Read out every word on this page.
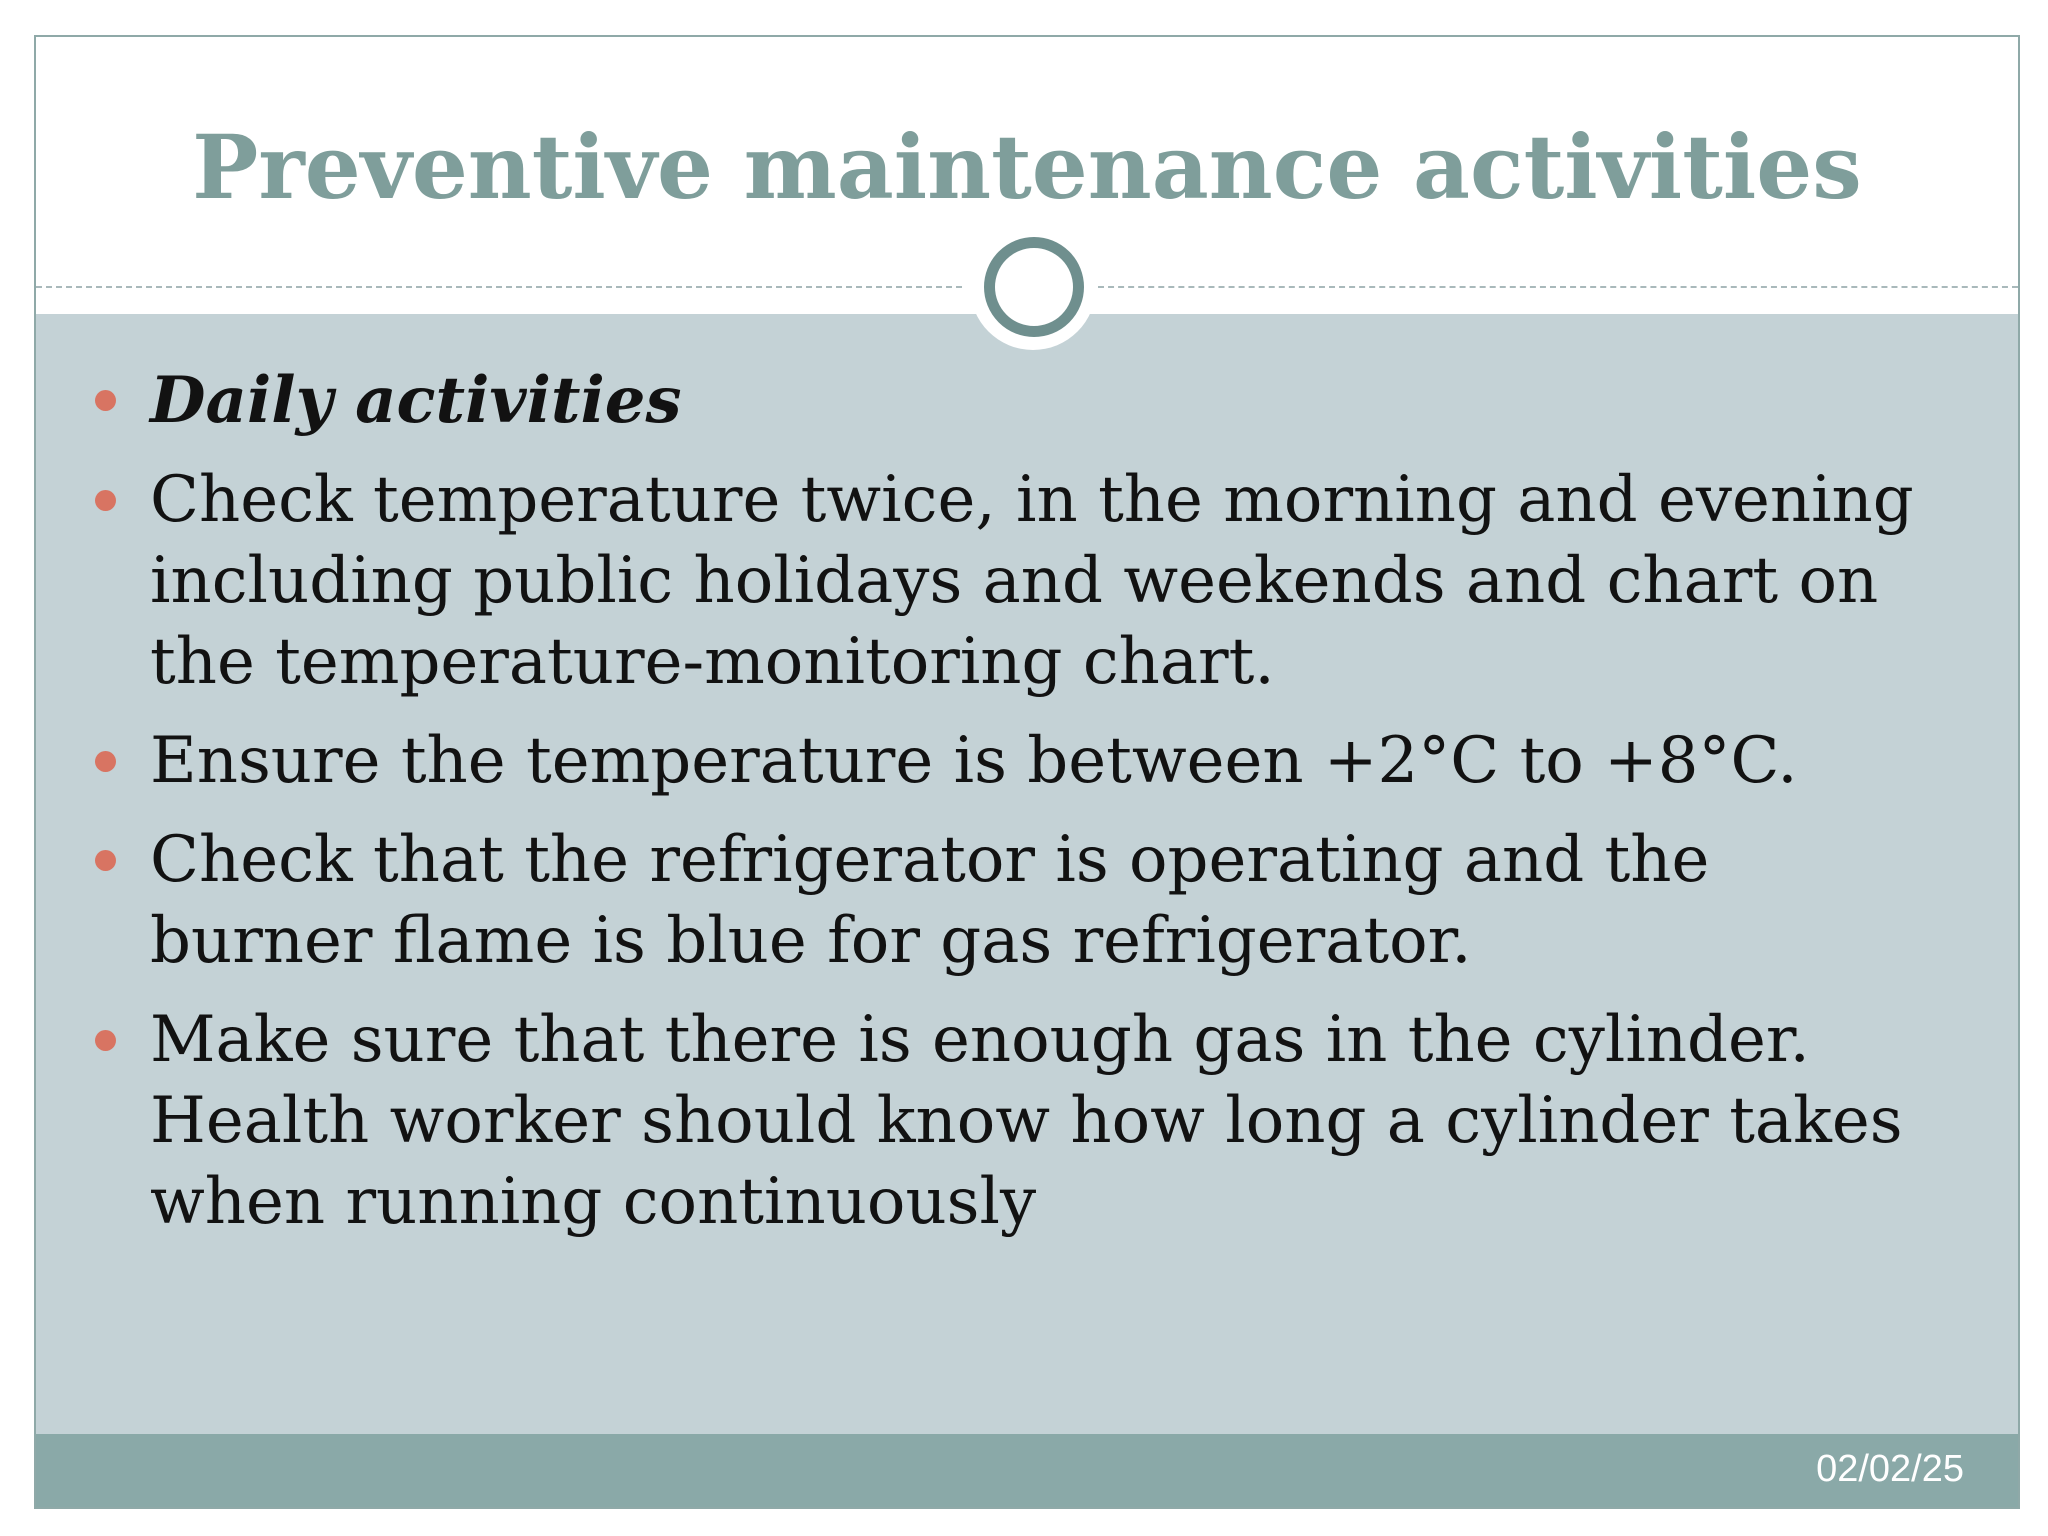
Preventive maintenance activities
Daily activities
Check temperature twice, in the morning and evening including public holidays and weekends and chart on the temperature-monitoring chart.
Ensure the temperature is between +2°C to +8°C.
Check that the refrigerator is operating and the burner flame is blue for gas refrigerator.
Make sure that there is enough gas in the cylinder. Health worker should know how long a cylinder takes when running continuously
02/02/25
